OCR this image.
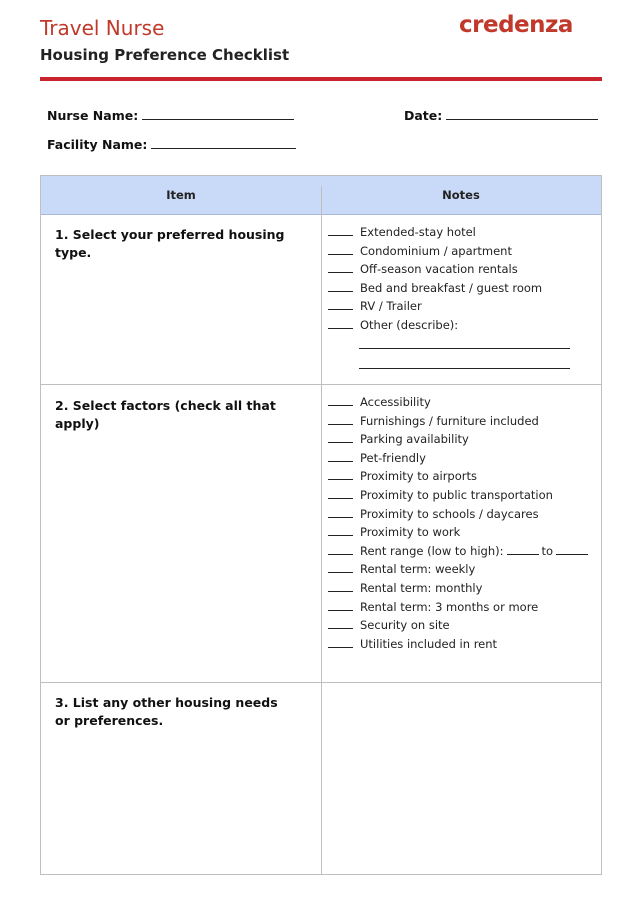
Travel Nurse
Housing Preference Checklist
credenza
Nurse Name:	Date:
Facility Name:
Item	Notes
1. Select your preferred housing type.
Extended-stay hotel
Condominium / apartment
Off-season vacation rentals
Bed and breakfast / guest room
RV / Trailer
Other (describe):
2. Select factors (check all that apply)
Accessibility
Furnishings / furniture included
Parking availability
Pet-friendly
Proximity to airports
Proximity to public transportation
Proximity to schools / daycares
Proximity to work
Rent range (low to high):	to
Rental term: weekly
Rental term: monthly
Rental term: 3 months or more
Security on site
Utilities included in rent
3. List any other housing needs or preferences.
